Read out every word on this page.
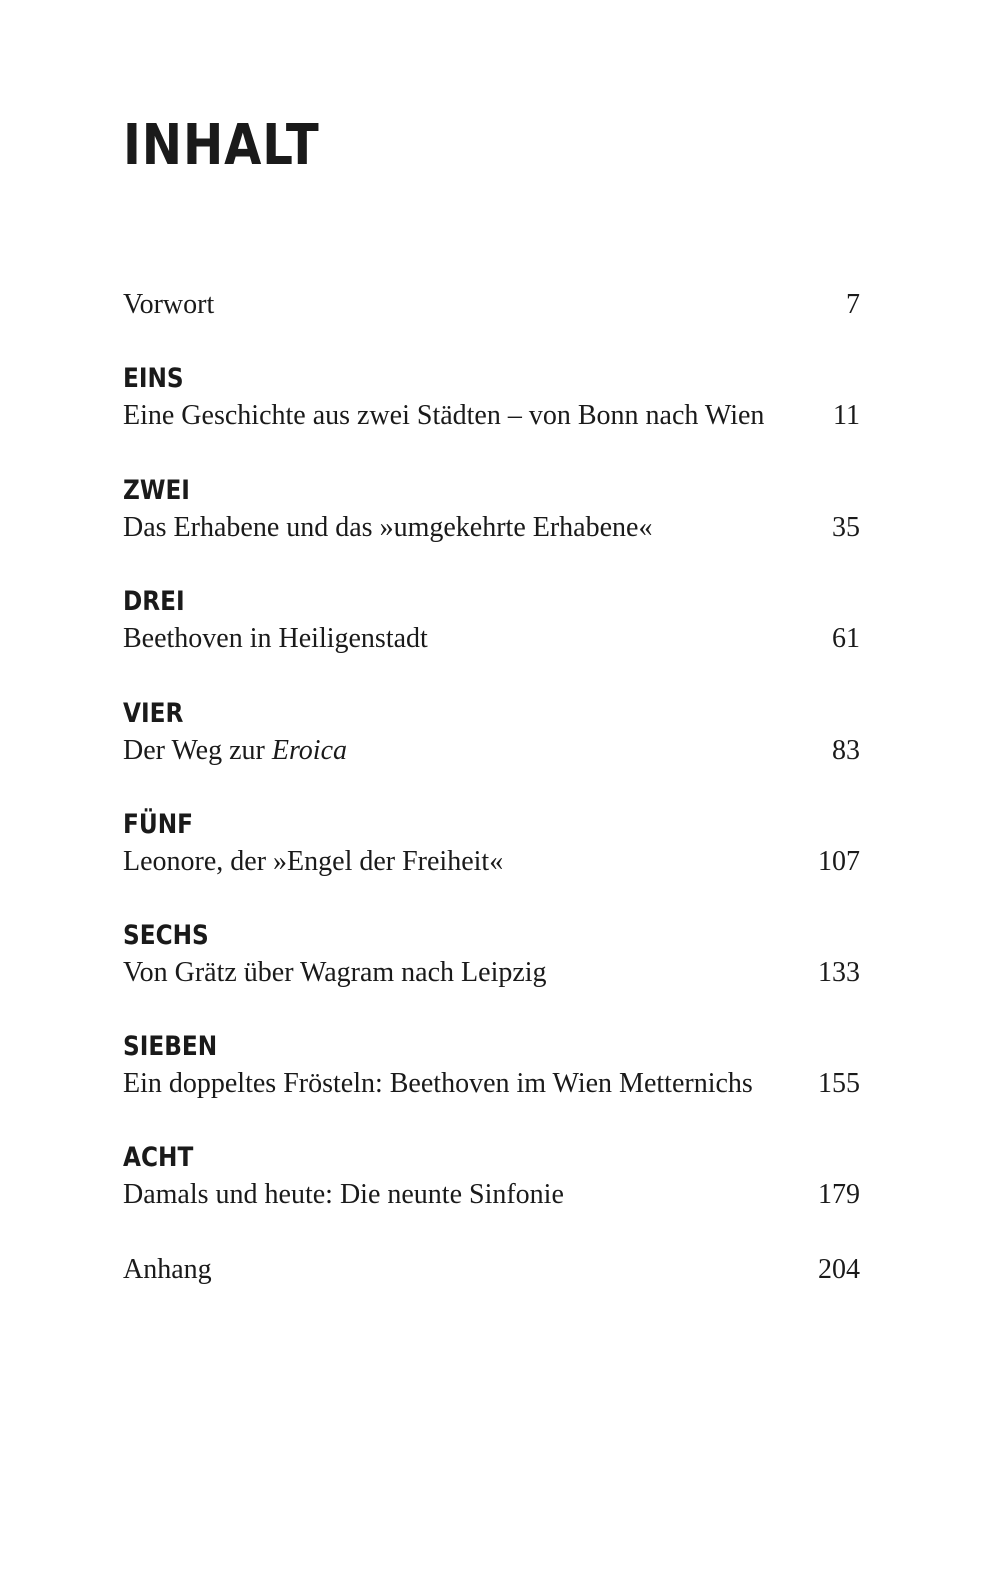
INHALT
Vorwort	7
EINS
Eine Geschichte aus zwei Städten – von Bonn nach Wien 11
ZWEI
Das Erhabene und das »umgekehrte Erhabene«	35
DREI
Beethoven in Heiligenstadt	61
VIER
Der Weg zur Eroica	83
FÜNF
Leonore, der »Engel der Freiheit«	107
SECHS
Von Grätz über Wagram nach Leipzig	133
SIEBEN
Ein doppeltes Frösteln: Beethoven im Wien Metternichs 155
ACHT
Damals und heute: Die neunte Sinfonie	179
Anhang	204
